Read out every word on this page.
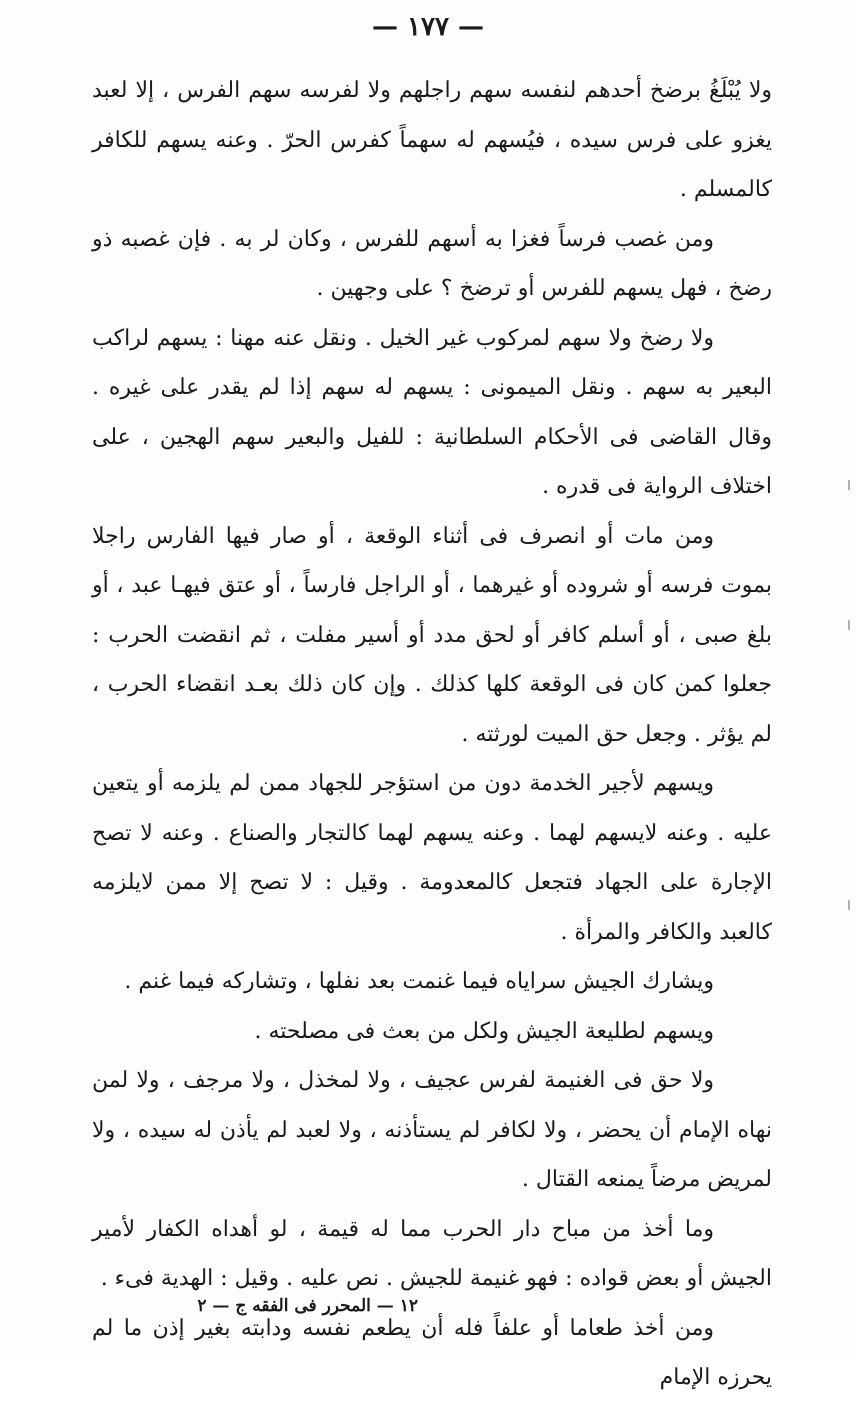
— ١٧٧ —

ولا يُبْلَغُ برضخ أحدهم لنفسه سهم راجلهم ولا لفرسه سهم الفرس ، إلا لعبد يغزو على فرس سيده ، فيُسهم له سهماً كفرس الحرّ . وعنه يسهم للكافر كالمسلم .

ومن غصب فرساً فغزا به أسهم للفرس ، وكان لر به . فإن غصبه ذو رضخ ، فهل يسهم للفرس أو ترضخ ؟ على وجهين .

ولا رضخ ولا سهم لمركوب غير الخيل . ونقل عنه مهنا : يسهم لراكب البعير به سهم . ونقل الميمونى : يسهم له سهم إذا لم يقدر على غيره . وقال القاضى فى الأحكام السلطانية : للفيل والبعير سهم الهجين ، على اختلاف الرواية فى قدره .

ومن مات أو انصرف فى أثناء الوقعة ، أو صار فيها الفارس راجلا بموت فرسه أو شروده أو غيرهما ، أو الراجل فارساً ، أو عتق فيهـا عبد ، أو بلغ صبى ، أو أسلم كافر أو لحق مدد أو أسير مفلت ، ثم انقضت الحرب : جعلوا كمن كان فى الوقعة كلها كذلك . وإن كان ذلك بعـد انقضاء الحرب ، لم يؤثر . وجعل حق الميت لورثته .

ويسهم لأجير الخدمة دون من استؤجر للجهاد ممن لم يلزمه أو يتعين عليه . وعنه لايسهم لهما . وعنه يسهم لهما كالتجار والصناع . وعنه لا تصح الإجارة على الجهاد فتجعل كالمعدومة . وقيل : لا تصح إلا ممن لايلزمه كالعبد والكافر والمرأة .

ويشارك الجيش سراياه فيما غنمت بعد نفلها ، وتشاركه فيما غنم .

ويسهم لطليعة الجيش ولكل من بعث فى مصلحته .

ولا حق فى الغنيمة لفرس عجيف ، ولا لمخذل ، ولا مرجف ، ولا لمن نهاه الإمام أن يحضر ، ولا لكافر لم يستأذنه ، ولا لعبد لم يأذن له سيده ، ولا لمريض مرضاً يمنعه القتال .

وما أخذ من مباح دار الحرب مما له قيمة ، لو أهداه الكفار لأمير الجيش أو بعض قواده : فهو غنيمة للجيش . نص عليه . وقيل : الهدية فىء .

ومن أخذ طعاما أو علفاً فله أن يطعم نفسه ودابته بغير إذن ما لم يحرزه الإمام

١٢ — المحرر فى الفقه ج — ٢
